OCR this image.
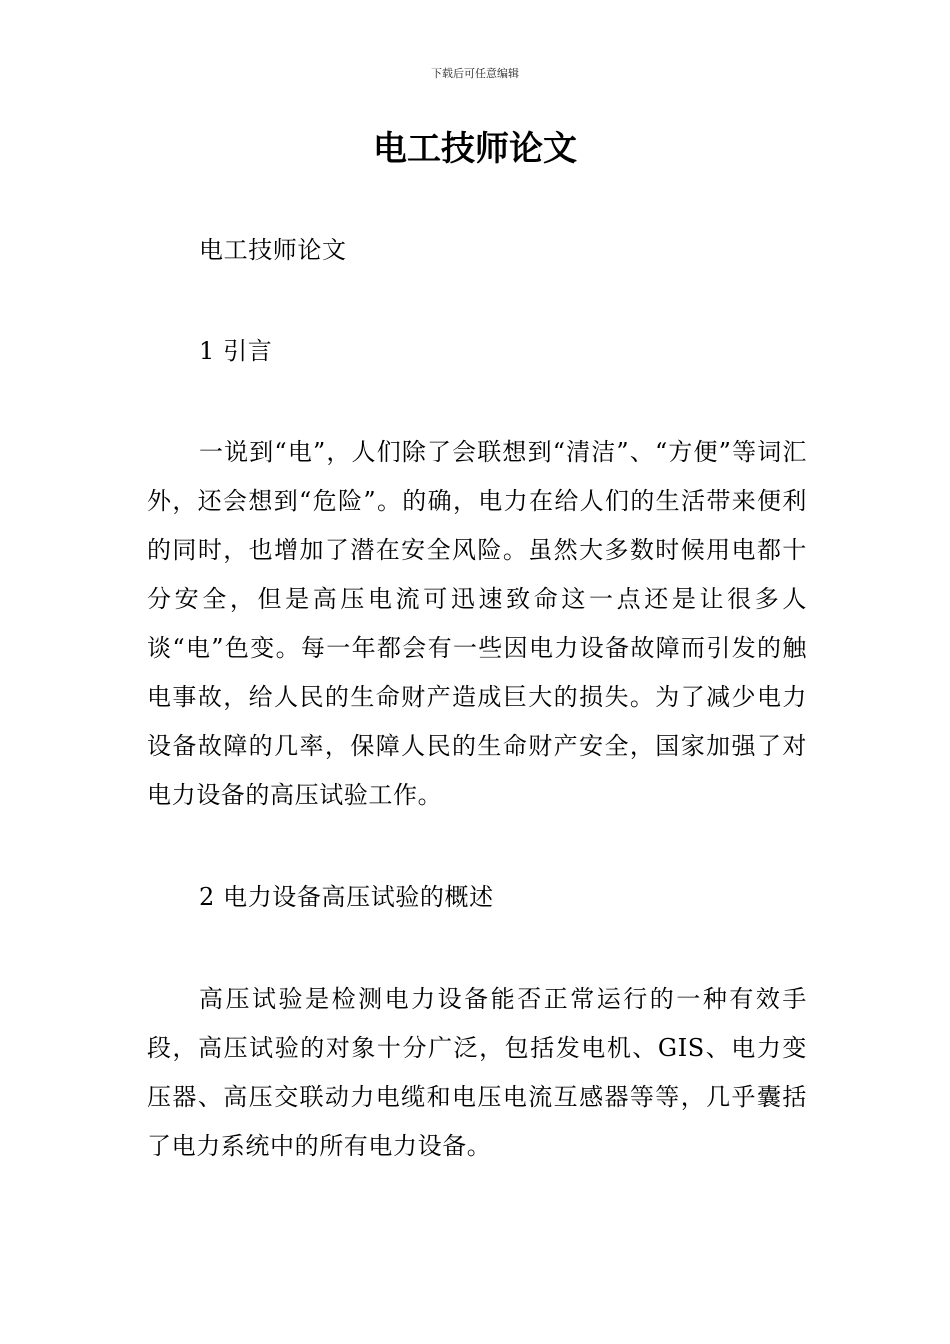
下载后可任意编辑
电工技师论文

电工技师论文

1 引言

一说到“电”，人们除了会联想到“清洁”、“方便”等词汇外，还会想到“危险”。的确，电力在给人们的生活带来便利的同时，也增加了潜在安全风险。虽然大多数时候用电都十分安全，但是高压电流可迅速致命这一点还是让很多人谈“电”色变。每一年都会有一些因电力设备故障而引发的触电事故，给人民的生命财产造成巨大的损失。为了减少电力设备故障的几率，保障人民的生命财产安全，国家加强了对电力设备的高压试验工作。

2 电力设备高压试验的概述

高压试验是检测电力设备能否正常运行的一种有效手段，高压试验的对象十分广泛，包括发电机、GIS、电力变压器、高压交联动力电缆和电压电流互感器等等，几乎囊括了电力系统中的所有电力设备。
